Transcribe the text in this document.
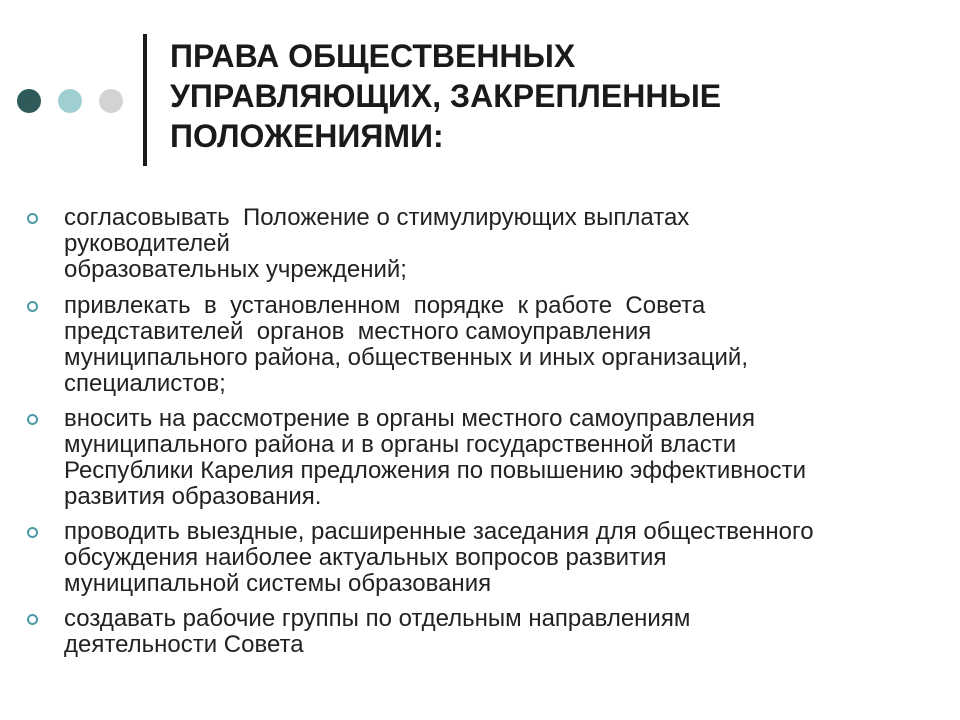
ПРАВА ОБЩЕСТВЕННЫХ
УПРАВЛЯЮЩИХ, ЗАКРЕПЛЕННЫЕ
ПОЛОЖЕНИЯМИ:
согласовывать  Положение о стимулирующих выплатах
руководителей
образовательных учреждений;
привлекать  в  установленном  порядке  к работе  Совета
представителей  органов  местного самоуправления
муниципального района, общественных и иных организаций,
специалистов;
вносить на рассмотрение в органы местного самоуправления
муниципального района и в органы государственной власти
Республики Карелия предложения по повышению эффективности
развития образования.
проводить выездные, расширенные заседания для общественного
обсуждения наиболее актуальных вопросов развития
муниципальной системы образования
создавать рабочие группы по отдельным направлениям
деятельности Совета
